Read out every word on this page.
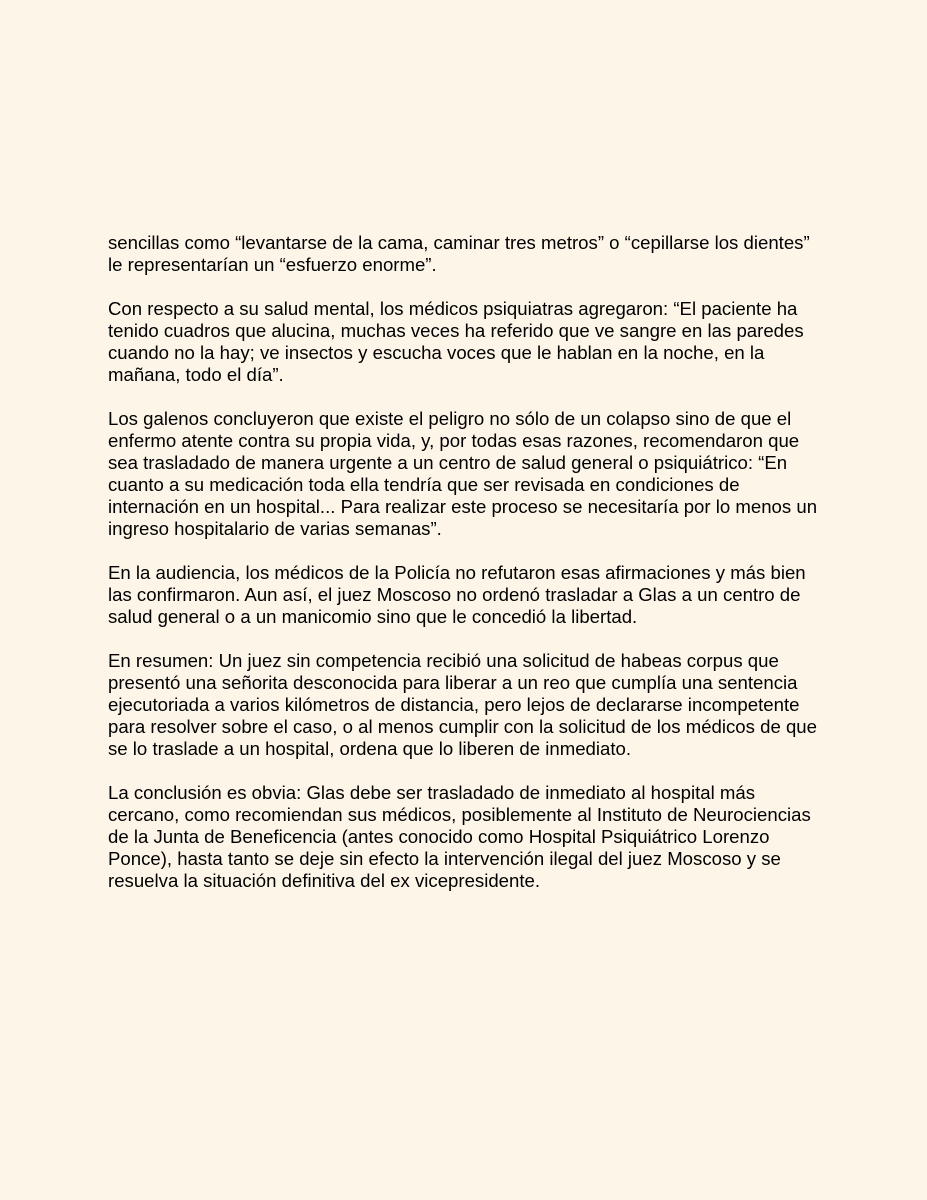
sencillas como “levantarse de la cama, caminar tres metros” o “cepillarse los dientes”
le representarían un “esfuerzo enorme”.

Con respecto a su salud mental, los médicos psiquiatras agregaron: “El paciente ha
tenido cuadros que alucina, muchas veces ha referido que ve sangre en las paredes
cuando no la hay; ve insectos y escucha voces que le hablan en la noche, en la
mañana, todo el día”.

Los galenos concluyeron que existe el peligro no sólo de un colapso sino de que el
enfermo atente contra su propia vida, y, por todas esas razones, recomendaron que
sea trasladado de manera urgente a un centro de salud general o psiquiátrico: “En
cuanto a su medicación toda ella tendría que ser revisada en condiciones de
internación en un hospital... Para realizar este proceso se necesitaría por lo menos un
ingreso hospitalario de varias semanas”.

En la audiencia, los médicos de la Policía no refutaron esas afirmaciones y más bien
las confirmaron. Aun así, el juez Moscoso no ordenó trasladar a Glas a un centro de
salud general o a un manicomio sino que le concedió la libertad.

En resumen: Un juez sin competencia recibió una solicitud de habeas corpus que
presentó una señorita desconocida para liberar a un reo que cumplía una sentencia
ejecutoriada a varios kilómetros de distancia, pero lejos de declararse incompetente
para resolver sobre el caso, o al menos cumplir con la solicitud de los médicos de que
se lo traslade a un hospital, ordena que lo liberen de inmediato.

La conclusión es obvia: Glas debe ser trasladado de inmediato al hospital más
cercano, como recomiendan sus médicos, posiblemente al Instituto de Neurociencias
de la Junta de Beneficencia (antes conocido como Hospital Psiquiátrico Lorenzo
Ponce), hasta tanto se deje sin efecto la intervención ilegal del juez Moscoso y se
resuelva la situación definitiva del ex vicepresidente.
